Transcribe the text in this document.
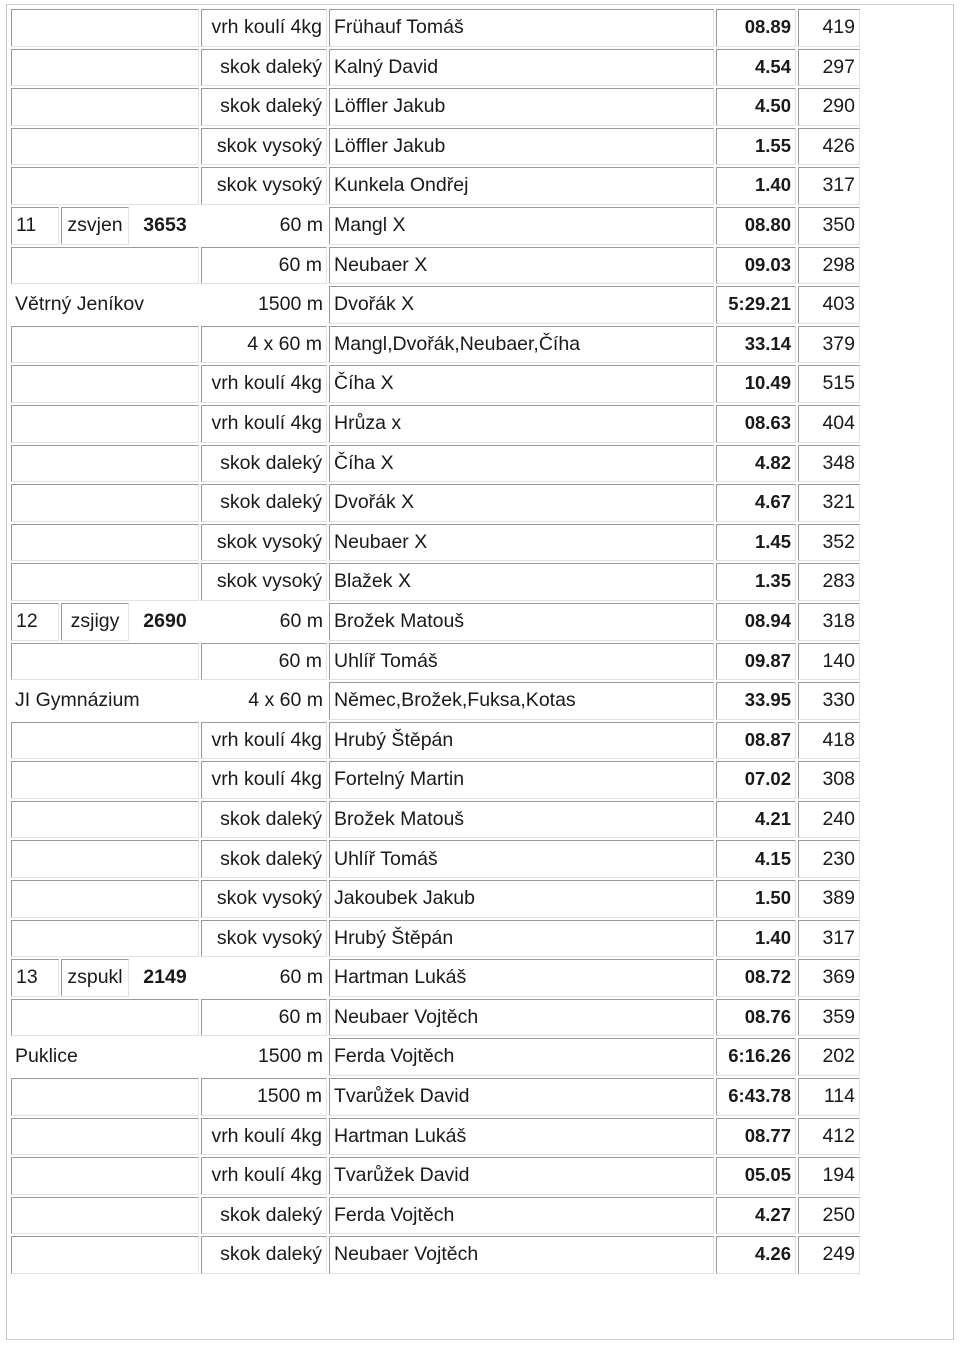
			vrh koulí 4kg	Frühauf Tomáš	08.89	419
			skok daleký	Kalný David	4.54	297
			skok daleký	Löffler Jakub	4.50	290
			skok vysoký	Löffler Jakub	1.55	426
			skok vysoký	Kunkela Ondřej	1.40	317
11	zsvjen	3653	60 m	Mangl X	08.80	350
			60 m	Neubaer X	09.03	298
Větrný Jeníkov			1500 m	Dvořák X	5:29.21	403
			4 x 60 m	Mangl,Dvořák,Neubaer,Číha	33.14	379
			vrh koulí 4kg	Číha X	10.49	515
			vrh koulí 4kg	Hrůza x	08.63	404
			skok daleký	Číha X	4.82	348
			skok daleký	Dvořák X	4.67	321
			skok vysoký	Neubaer X	1.45	352
			skok vysoký	Blažek X	1.35	283
12	zsjigy	2690	60 m	Brožek Matouš	08.94	318
			60 m	Uhlíř Tomáš	09.87	140
JI Gymnázium			4 x 60 m	Němec,Brožek,Fuksa,Kotas	33.95	330
			vrh koulí 4kg	Hrubý Štěpán	08.87	418
			vrh koulí 4kg	Fortelný Martin	07.02	308
			skok daleký	Brožek Matouš	4.21	240
			skok daleký	Uhlíř Tomáš	4.15	230
			skok vysoký	Jakoubek Jakub	1.50	389
			skok vysoký	Hrubý Štěpán	1.40	317
13	zspukl	2149	60 m	Hartman Lukáš	08.72	369
			60 m	Neubaer Vojtěch	08.76	359
Puklice			1500 m	Ferda Vojtěch	6:16.26	202
			1500 m	Tvarůžek David	6:43.78	114
			vrh koulí 4kg	Hartman Lukáš	08.77	412
			vrh koulí 4kg	Tvarůžek David	05.05	194
			skok daleký	Ferda Vojtěch	4.27	250
			skok daleký	Neubaer Vojtěch	4.26	249
